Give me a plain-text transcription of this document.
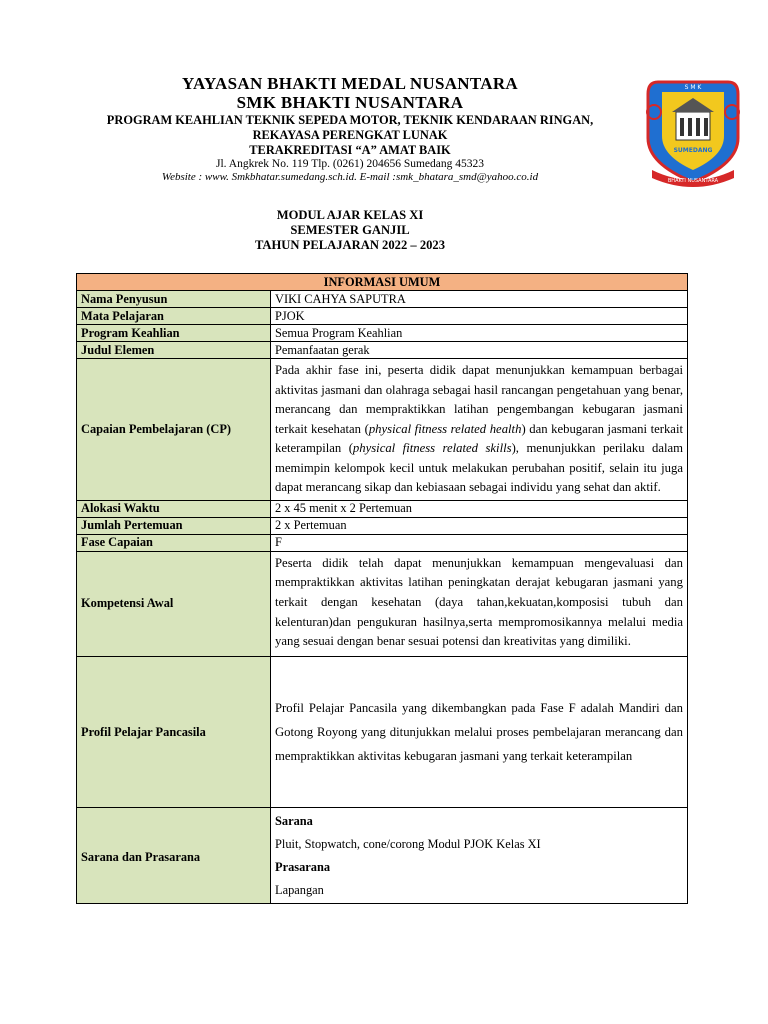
YAYASAN BHAKTI MEDAL NUSANTARA
SMK BHAKTI NUSANTARA
PROGRAM KEAHLIAN TEKNIK SEPEDA MOTOR, TEKNIK KENDARAAN RINGAN,
REKAYASA PERENGKAT LUNAK
TERAKREDITASI “A” AMAT BAIK
Jl. Angkrek No. 119 Tlp. (0261) 204656 Sumedang 45323
Website : www. Smkbhatar.sumedang.sch.id. E-mail :smk_bhatara_smd@yahoo.co.id
S M K
SUMEDANG
BHAKTI NUSANTARA
MODUL AJAR KELAS XI
SEMESTER GANJIL
TAHUN PELAJARAN 2022 – 2023
INFORMASI UMUM	
Nama Penyusun	VIKI CAHYA SAPUTRA
Mata Pelajaran	PJOK
Program Keahlian	Semua Program Keahlian
Judul Elemen	Pemanfaatan gerak
Capaian Pembelajaran (CP)	Pada akhir fase ini, peserta didik dapat menunjukkan kemampuan berbagai aktivitas jasmani dan olahraga sebagai hasil rancangan pengetahuan yang benar, merancang dan mempraktikkan latihan pengembangan kebugaran jasmani terkait kesehatan (physical fitness related health) dan kebugaran jasmani terkait keterampilan (physical fitness related skills), menunjukkan perilaku dalam memimpin kelompok kecil untuk melakukan perubahan positif, selain itu juga dapat merancang sikap dan kebiasaan sebagai individu yang sehat dan aktif.

Alokasi Waktu	2 x 45 menit x 2 Pertemuan
Jumlah Pertemuan	2 x Pertemuan
Fase Capaian	F
Kompetensi Awal	Peserta didik telah dapat menunjukkan kemampuan mengevaluasi dan mempraktikkan aktivitas latihan peningkatan derajat kebugaran jasmani yang terkait dengan kesehatan (daya tahan,kekuatan,komposisi tubuh dan kelenturan)dan pengukuran hasilnya,serta mempromosikannya melalui media yang sesuai dengan benar sesuai potensi dan kreativitas yang dimiliki.

Profil Pelajar Pancasila	Profil Pelajar Pancasila yang dikembangkan pada Fase F adalah Mandiri dan Gotong Royong yang ditunjukkan melalui proses pembelajaran merancang dan mempraktikkan aktivitas kebugaran jasmani yang terkait keterampilan

Sarana dan Prasarana	Sarana
Pluit, Stopwatch, cone/corong Modul PJOK Kelas XI
Prasarana
Lapangan
